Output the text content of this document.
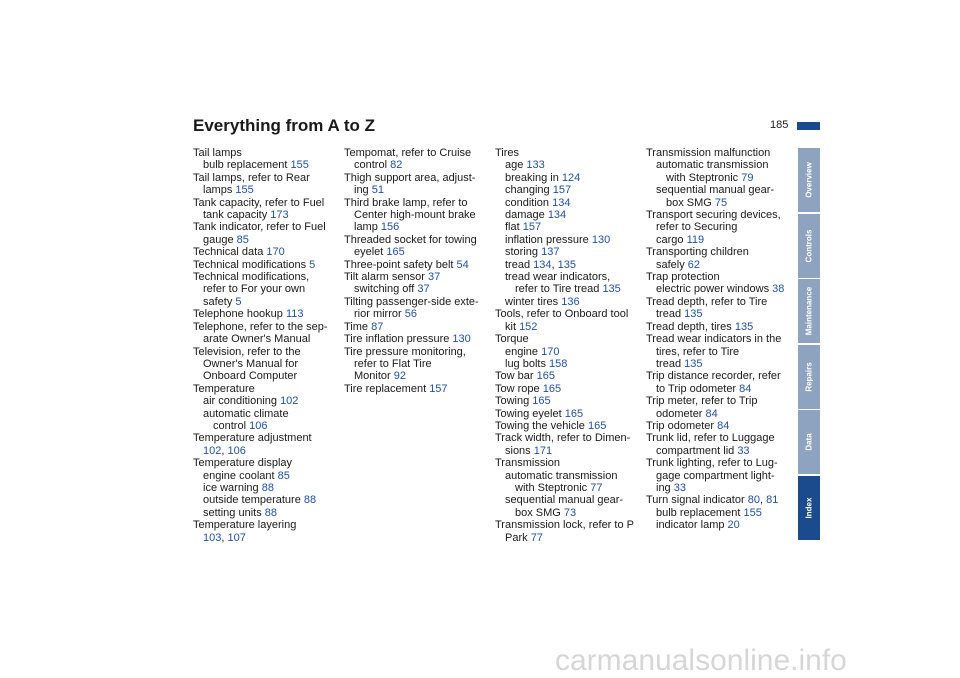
Everything from A to Z	185
Tail lamps
bulb replacement 155
Tail lamps, refer to Rear
lamps 155
Tank capacity, refer to Fuel
tank capacity 173
Tank indicator, refer to Fuel
gauge 85
Technical data 170
Technical modifications 5
Technical modifications,
refer to For your own
safety 5
Telephone hookup 113
Telephone, refer to the sep-
arate Owner's Manual
Television, refer to the
Owner's Manual for
Onboard Computer
Temperature
air conditioning 102
automatic climate
control 106
Temperature adjustment
102, 106
Temperature display
engine coolant 85
ice warning 88
outside temperature 88
setting units 88
Temperature layering
103, 107
Tempomat, refer to Cruise
control 82
Thigh support area, adjust-
ing 51
Third brake lamp, refer to
Center high-mount brake
lamp 156
Threaded socket for towing
eyelet 165
Three-point safety belt 54
Tilt alarm sensor 37
switching off 37
Tilting passenger-side exte-
rior mirror 56
Time 87
Tire inflation pressure 130
Tire pressure monitoring,
refer to Flat Tire
Monitor 92
Tire replacement 157
Tires
age 133
breaking in 124
changing 157
condition 134
damage 134
flat 157
inflation pressure 130
storing 137
tread 134, 135
tread wear indicators,
refer to Tire tread 135
winter tires 136
Tools, refer to Onboard tool
kit 152
Torque
engine 170
lug bolts 158
Tow bar 165
Tow rope 165
Towing 165
Towing eyelet 165
Towing the vehicle 165
Track width, refer to Dimen-
sions 171
Transmission
automatic transmission
with Steptronic 77
sequential manual gear-
box SMG 73
Transmission lock, refer to P
Park 77
Transmission malfunction
automatic transmission
with Steptronic 79
sequential manual gear-
box SMG 75
Transport securing devices,
refer to Securing
cargo 119
Transporting children
safely 62
Trap protection
electric power windows 38
Tread depth, refer to Tire
tread 135
Tread depth, tires 135
Tread wear indicators in the
tires, refer to Tire
tread 135
Trip distance recorder, refer
to Trip odometer 84
Trip meter, refer to Trip
odometer 84
Trip odometer 84
Trunk lid, refer to Luggage
compartment lid 33
Trunk lighting, refer to Lug-
gage compartment light-
ing 33
Turn signal indicator 80, 81
bulb replacement 155
indicator lamp 20
Overview
Controls
Maintenance
Repairs
Data
Index
carmanualsonline.info
